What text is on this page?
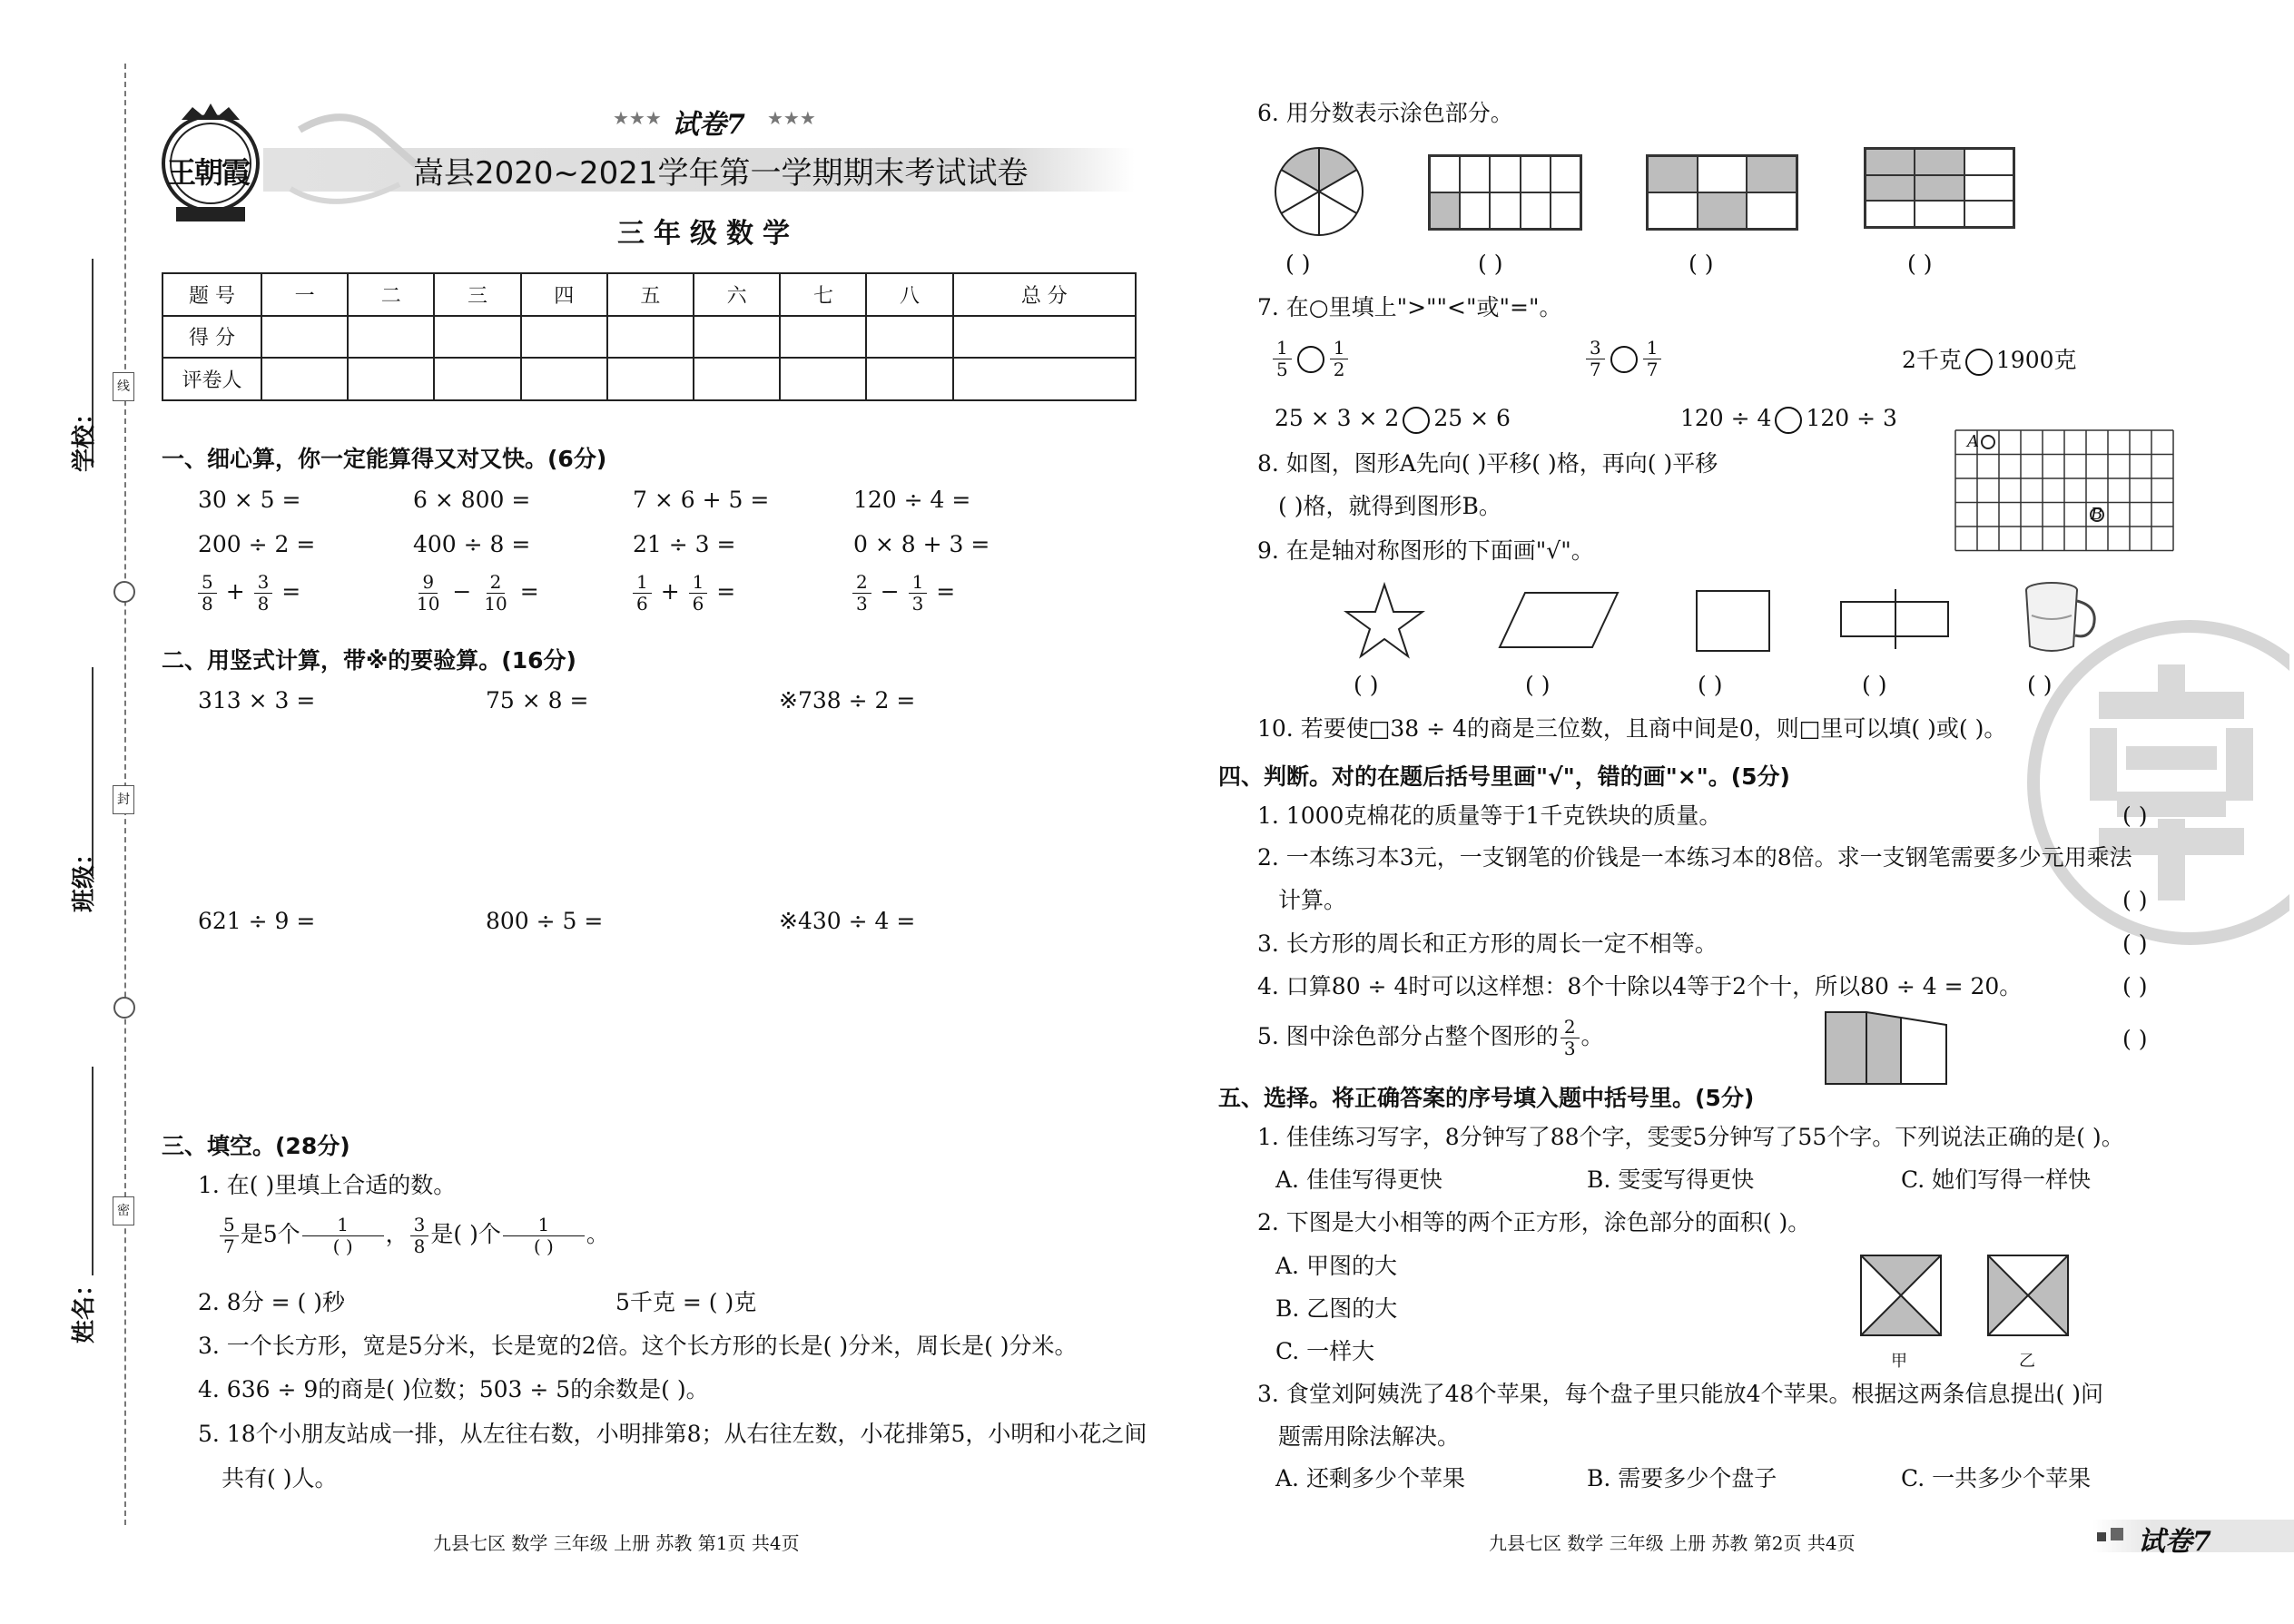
学校：
班级：
姓名：
线
封
密
王朝霞
★★★ 试卷7 ★★★
嵩县2020~2021学年第一学期期末考试试卷
三年级数学
题 号	一	二	三	四	五	六	七	八	总 分
得 分									
评卷人									
一、细心算，你一定能算得又对又快。(6分)
30 × 5 =	6 × 800 =	7 × 6 + 5 =	120 ÷ 4 =
200 ÷ 2 =	400 ÷ 8 =	21 ÷ 3 =	0 × 8 + 3 =
$\frac{5}{8} + \frac{3}{8}$ =	$\frac{9}{10} - \frac{2}{10}$ =	$\frac{1}{6} + \frac{1}{6}$ =	$\frac{2}{3} - \frac{1}{3}$ =
二、用竖式计算，带※的要验算。(16分)
313 × 3 =	75 × 8 =	※738 ÷ 2 =
621 ÷ 9 =	800 ÷ 5 =	※430 ÷ 4 =
三、填空。(28分)
1. 在( )里填上合适的数。
$\frac{5}{7}$ 是5个 $\frac{1}{( )}$ ， $\frac{3}{8}$ 是( )个 $\frac{1}{( )}$ 。
2. 8分 = ( )秒	5千克 = ( )克
3. 一个长方形，宽是5分米，长是宽的2倍。这个长方形的长是( )分米，周长是( )分米。
4. 636 ÷ 9的商是( )位数；503 ÷ 5的余数是( )。
5. 18个小朋友站成一排，从左往右数，小明排第8；从右往左数，小花排第5，小明和小花之间
共有( )人。
6. 用分数表示涂色部分。
( )	( )	( )	( )
7. 在○里填上">""<"或"="。
$\frac{1}{5} \frac{1}{2}$	$\frac{3}{7} \frac{1}{7}$	2千克 1900克
25 × 3 × 2 25 × 6	120 ÷ 4 120 ÷ 3
8. 如图，图形A先向( )平移( )格，再向( )平移
( )格，就得到图形B。
A
B
9. 在是轴对称图形的下面画"√"。
( )	( )	( )	( )	( )
10. 若要使□38 ÷ 4的商是三位数，且商中间是0，则□里可以填( )或( )。
四、判断。对的在题后括号里画"√"，错的画"×"。(5分)
1. 1000克棉花的质量等于1千克铁块的质量。	( )
2. 一本练习本3元，一支钢笔的价钱是一本练习本的8倍。求一支钢笔需要多少元用乘法
计算。	( )
3. 长方形的周长和正方形的周长一定不相等。	( )
4. 口算80 ÷ 4时可以这样想：8个十除以4等于2个十，所以80 ÷ 4 = 20。	( )
5. 图中涂色部分占整个图形的 $\frac{2}{3}$ 。	( )
五、选择。将正确答案的序号填入题中括号里。(5分)
1. 佳佳练习写字，8分钟写了88个字，雯雯5分钟写了55个字。下列说法正确的是( )。
A. 佳佳写得更快	B. 雯雯写得更快	C. 她们写得一样快
2. 下图是大小相等的两个正方形，涂色部分的面积( )。
A. 甲图的大
B. 乙图的大
C. 一样大	甲	乙
3. 食堂刘阿姨洗了48个苹果，每个盘子里只能放4个苹果。根据这两条信息提出( )问
题需用除法解决。
A. 还剩多少个苹果	B. 需要多少个盘子	C. 一共多少个苹果
九县七区 数学 三年级 上册 苏教 第1页 共4页	九县七区 数学 三年级 上册 苏教 第2页 共4页	试卷7
